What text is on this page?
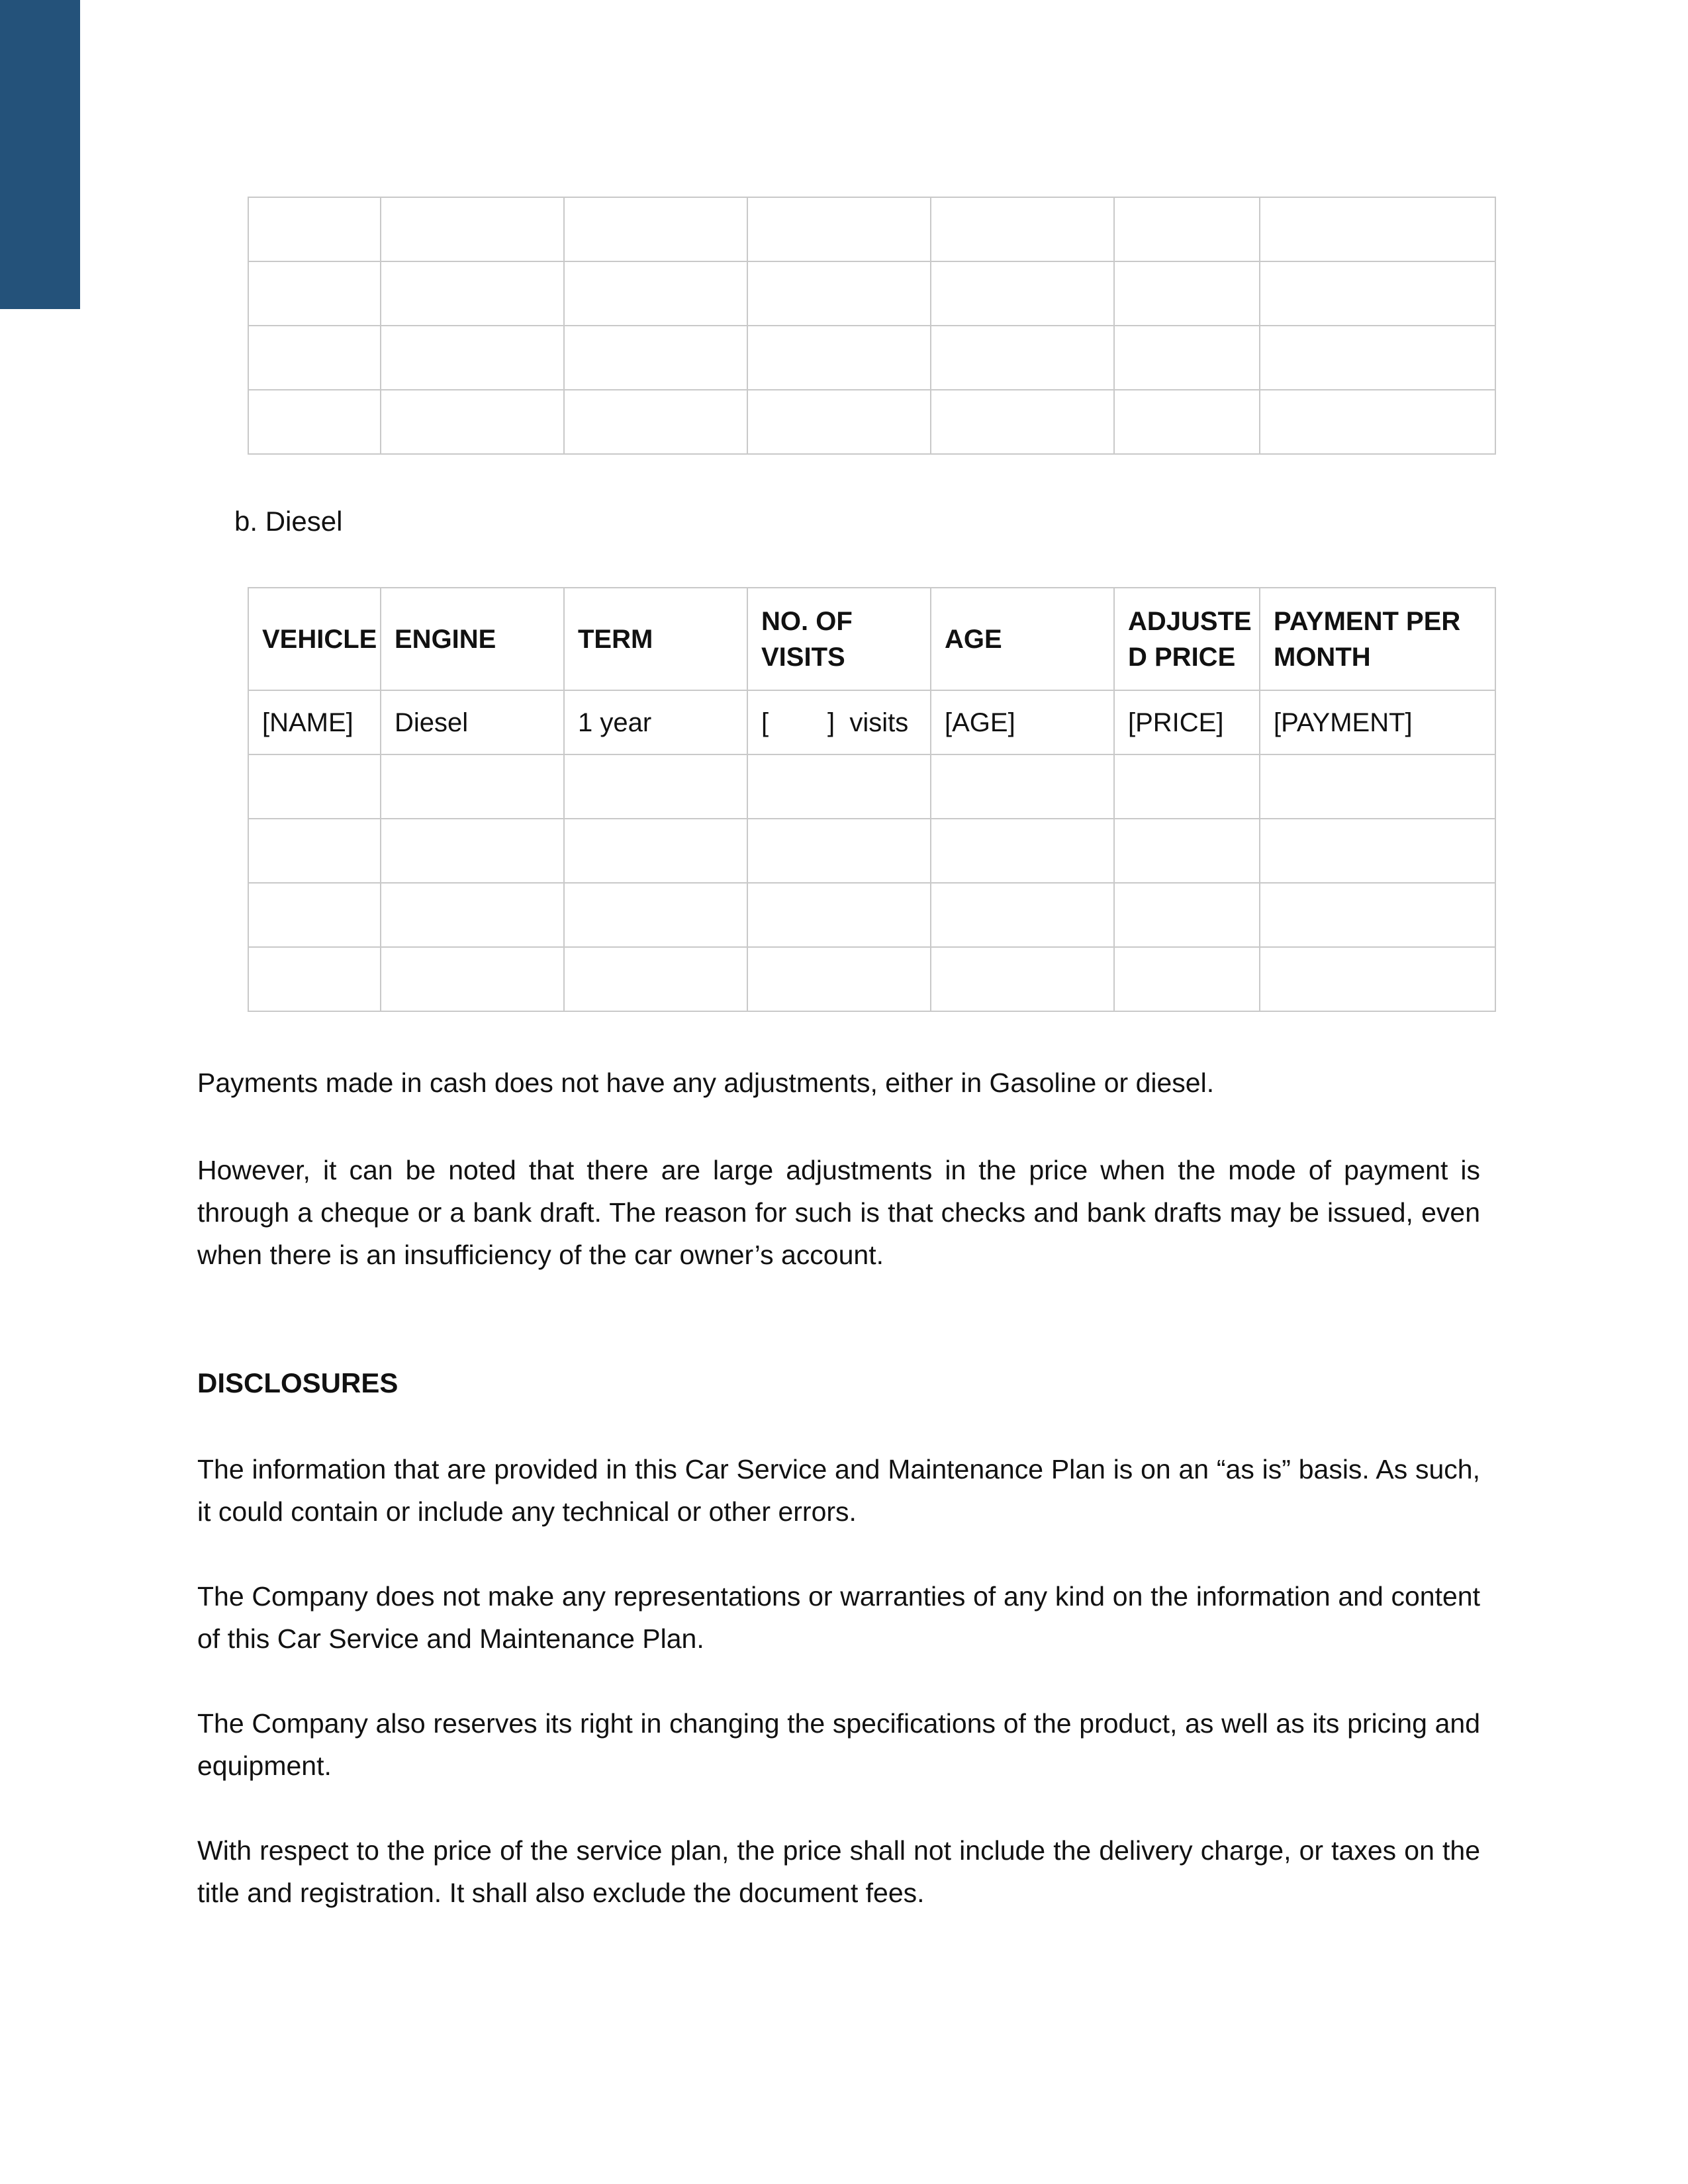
b. Diesel
VEHICLE	ENGINE	TERM	NO. OF VISITS	AGE	ADJUSTE D PRICE	PAYMENT PER MONTH
[NAME]	Diesel	1 year	[        ]  visits	[AGE]	[PRICE]	[PAYMENT]

Payments made in cash does not have any adjustments, either in Gasoline or diesel.

However, it can be noted that there are large adjustments in the price when the mode of payment is through a cheque or a bank draft. The reason for such is that checks and bank drafts may be issued, even when there is an insufficiency of the car owner’s account.

DISCLOSURES

The information that are provided in this Car Service and Maintenance Plan is on an “as is” basis. As such, it could contain or include any technical or other errors.

The Company does not make any representations or warranties of any kind on the information and content of this Car Service and Maintenance Plan.

The Company also reserves its right in changing the specifications of the product, as well as its pricing and equipment.

With respect to the price of the service plan, the price shall not include the delivery charge, or taxes on the title and registration. It shall also exclude the document fees.
